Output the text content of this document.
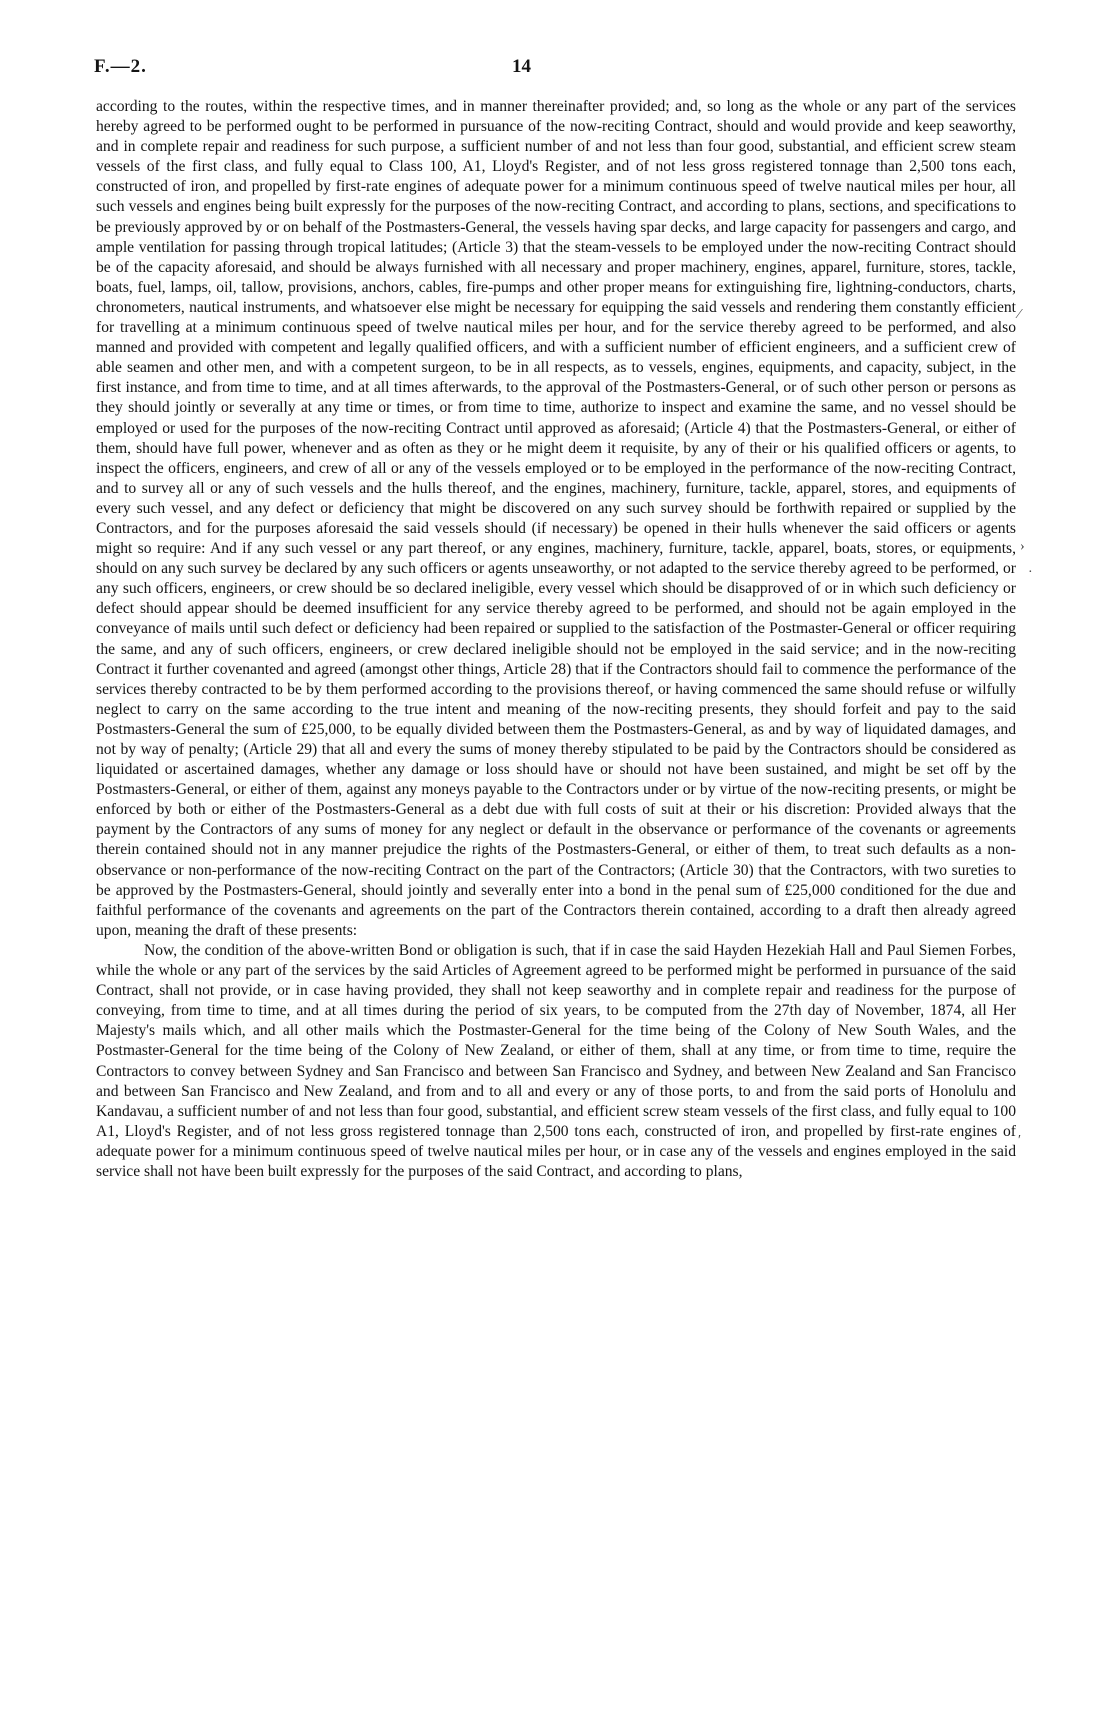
F.—2.	14

according to the routes, within the respective times, and in manner thereinafter provided; and, so long as the whole or any part of the services hereby agreed to be performed ought to be performed in pursuance of the now-reciting Contract, should and would provide and keep seaworthy, and in complete repair and readiness for such purpose, a sufficient number of and not less than four good, substantial, and efficient screw steam vessels of the first class, and fully equal to Class 100, A1, Lloyd's Register, and of not less gross registered tonnage than 2,500 tons each, constructed of iron, and propelled by first-rate engines of adequate power for a minimum continuous speed of twelve nautical miles per hour, all such vessels and engines being built expressly for the purposes of the now-reciting Contract, and according to plans, sections, and specifications to be previously approved by or on behalf of the Postmasters-General, the vessels having spar decks, and large capacity for passengers and cargo, and ample ventilation for passing through tropical latitudes; (Article 3) that the steam-vessels to be employed under the now-reciting Contract should be of the capacity aforesaid, and should be always furnished with all necessary and proper machinery, engines, apparel, furniture, stores, tackle, boats, fuel, lamps, oil, tallow, provisions, anchors, cables, fire-pumps and other proper means for extinguishing fire, lightning-conductors, charts, chronometers, nautical instruments, and whatsoever else might be necessary for equipping the said vessels and rendering them constantly efficient for travelling at a minimum continuous speed of twelve nautical miles per hour, and for the service thereby agreed to be performed, and also manned and provided with competent and legally qualified officers, and with a sufficient number of efficient engineers, and a sufficient crew of able seamen and other men, and with a competent surgeon, to be in all respects, as to vessels, engines, equipments, and capacity, subject, in the first instance, and from time to time, and at all times afterwards, to the approval of the Postmasters-General, or of such other person or persons as they should jointly or severally at any time or times, or from time to time, authorize to inspect and examine the same, and no vessel should be employed or used for the purposes of the now-reciting Contract until approved as aforesaid; (Article 4) that the Postmasters-General, or either of them, should have full power, whenever and as often as they or he might deem it requisite, by any of their or his qualified officers or agents, to inspect the officers, engineers, and crew of all or any of the vessels employed or to be employed in the performance of the now-reciting Contract, and to survey all or any of such vessels and the hulls thereof, and the engines, machinery, furniture, tackle, apparel, stores, and equipments of every such vessel, and any defect or deficiency that might be discovered on any such survey should be forthwith repaired or supplied by the Contractors, and for the purposes aforesaid the said vessels should (if necessary) be opened in their hulls whenever the said officers or agents might so require: And if any such vessel or any part thereof, or any engines, machinery, furniture, tackle, apparel, boats, stores, or equipments, should on any such survey be declared by any such officers or agents unseaworthy, or not adapted to the service thereby agreed to be performed, or any such officers, engineers, or crew should be so declared ineligible, every vessel which should be disapproved of or in which such deficiency or defect should appear should be deemed insufficient for any service thereby agreed to be performed, and should not be again employed in the conveyance of mails until such defect or deficiency had been repaired or supplied to the satisfaction of the Postmaster-General or officer requiring the same, and any of such officers, engineers, or crew declared ineligible should not be employed in the said service; and in the now-reciting Contract it further covenanted and agreed (amongst other things, Article 28) that if the Contractors should fail to commence the performance of the services thereby contracted to be by them performed according to the provisions thereof, or having commenced the same should refuse or wilfully neglect to carry on the same according to the true intent and meaning of the now-reciting presents, they should forfeit and pay to the said Postmasters-General the sum of £25,000, to be equally divided between them the Postmasters-General, as and by way of liquidated damages, and not by way of penalty; (Article 29) that all and every the sums of money thereby stipulated to be paid by the Contractors should be considered as liquidated or ascertained damages, whether any damage or loss should have or should not have been sustained, and might be set off by the Postmasters-General, or either of them, against any moneys payable to the Contractors under or by virtue of the now-reciting presents, or might be enforced by both or either of the Postmasters-General as a debt due with full costs of suit at their or his discretion: Provided always that the payment by the Contractors of any sums of money for any neglect or default in the observance or performance of the covenants or agreements therein contained should not in any manner prejudice the rights of the Postmasters-General, or either of them, to treat such defaults as a non-observance or non-performance of the now-reciting Contract on the part of the Contractors; (Article 30) that the Contractors, with two sureties to be approved by the Postmasters-General, should jointly and severally enter into a bond in the penal sum of £25,000 conditioned for the due and faithful performance of the covenants and agreements on the part of the Contractors therein contained, according to a draft then already agreed upon, meaning the draft of these presents:

Now, the condition of the above-written Bond or obligation is such, that if in case the said Hayden Hezekiah Hall and Paul Siemen Forbes, while the whole or any part of the services by the said Articles of Agreement agreed to be performed might be performed in pursuance of the said Contract, shall not provide, or in case having provided, they shall not keep seaworthy and in complete repair and readiness for the purpose of conveying, from time to time, and at all times during the period of six years, to be computed from the 27th day of November, 1874, all Her Majesty's mails which, and all other mails which the Postmaster-General for the time being of the Colony of New South Wales, and the Postmaster-General for the time being of the Colony of New Zealand, or either of them, shall at any time, or from time to time, require the Contractors to convey between Sydney and San Francisco and between San Francisco and Sydney, and between New Zealand and San Francisco and between San Francisco and New Zealand, and from and to all and every or any of those ports, to and from the said ports of Honolulu and Kandavau, a sufficient number of and not less than four good, substantial, and efficient screw steam vessels of the first class, and fully equal to 100 A1, Lloyd's Register, and of not less gross registered tonnage than 2,500 tons each, constructed of iron, and propelled by first-rate engines of adequate power for a minimum continuous speed of twelve nautical miles per hour, or in case any of the vessels and engines employed in the said service shall not have been built expressly for the purposes of the said Contract, and according to plans,

⁄
›
·
′
